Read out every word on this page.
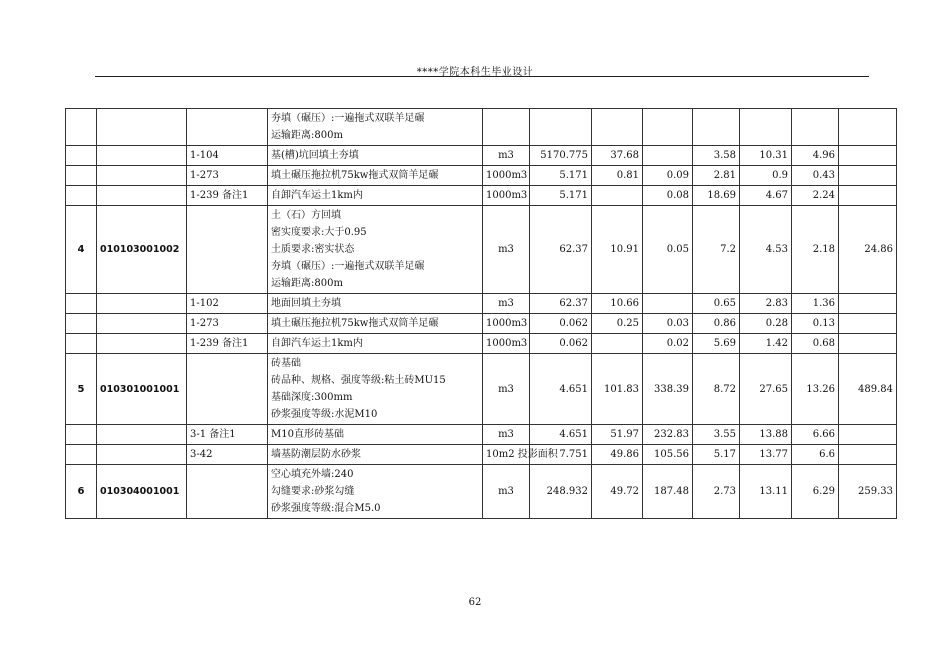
****学院本科生毕业设计

			夯填（碾压）:一遍拖式双联羊足碾
运输距离:800m								

		1-104	基(槽)坑回填土夯填	m3	5170.775	37.68		3.58	10.31	4.96	
		1-273	填土碾压拖拉机75kw拖式双筒羊足碾	1000m3	5.171	0.81	0.09	2.81	0.9	0.43	
		1-239 备注1	自卸汽车运土1km内	1000m3	5.171		0.08	18.69	4.67	2.24	
4	010103001002		土（石）方回填
密实度要求:大于0.95
土质要求:密实状态
夯填（碾压）:一遍拖式双联羊足碾
运输距离:800m	m3	62.37	10.91	0.05	7.2	4.53	2.18	24.86
		1-102	地面回填土夯填	m3	62.37	10.66		0.65	2.83	1.36	
		1-273	填土碾压拖拉机75kw拖式双筒羊足碾	1000m3	0.062	0.25	0.03	0.86	0.28	0.13	
		1-239 备注1	自卸汽车运土1km内	1000m3	0.062		0.02	5.69	1.42	0.68	
5	010301001001		砖基础
砖品种、规格、强度等级:粘土砖MU15
基础深度:300mm
砂浆强度等级:水泥M10	m3	4.651	101.83	338.39	8.72	27.65	13.26	489.84
		3-1 备注1	M10直形砖基础	m3	4.651	51.97	232.83	3.55	13.88	6.66	
		3-42	墙基防潮层防水砂浆	10m2 投影面积	7.751	49.86	105.56	5.17	13.77	6.6	
6	010304001001		空心填充外墙:240
勾缝要求:砂浆勾缝
砂浆强度等级:混合M5.0	m3	248.932	49.72	187.48	2.73	13.11	6.29	259.33
62
